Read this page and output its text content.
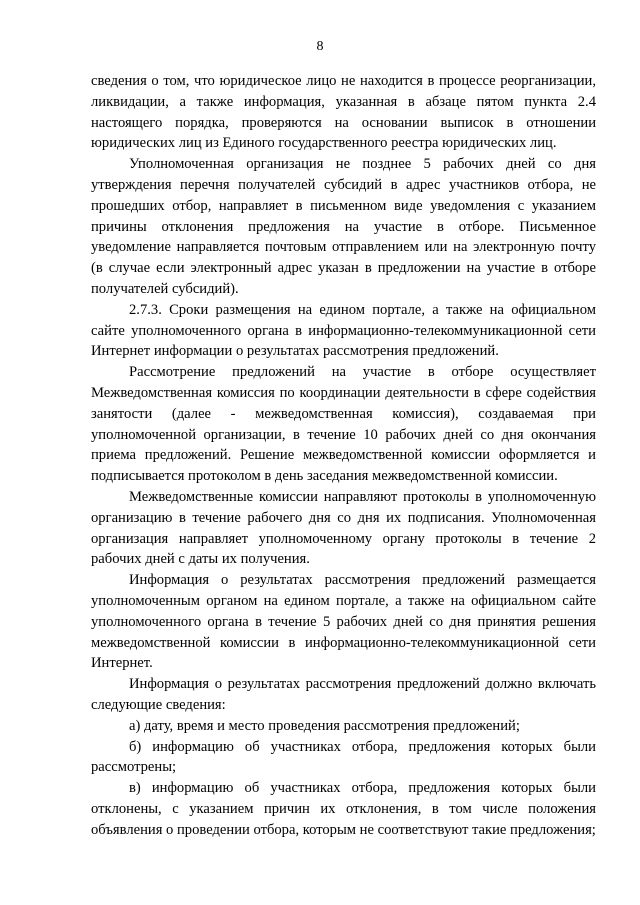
8

сведения о том, что юридическое лицо не находится в процессе реорганизации, ликвидации, а также информация, указанная в абзаце пятом пункта 2.4 настоящего порядка, проверяются на основании выписок в отношении юридических лиц из Единого государственного реестра юридических лиц.

Уполномоченная организация не позднее 5 рабочих дней со дня утверждения перечня получателей субсидий в адрес участников отбора, не прошедших отбор, направляет в письменном виде уведомления с указанием причины отклонения предложения на участие в отборе. Письменное уведомление направляется почтовым отправлением или на электронную почту (в случае если электронный адрес указан в предложении на участие в отборе получателей субсидий).

2.7.3. Сроки размещения на едином портале, а также на официальном сайте уполномоченного органа в информационно-телекоммуникационной сети Интернет информации о результатах рассмотрения предложений.

Рассмотрение предложений на участие в отборе осуществляет Межведомственная комиссия по координации деятельности в сфере содействия занятости (далее - межведомственная комиссия), создаваемая при уполномоченной организации, в течение 10 рабочих дней со дня окончания приема предложений. Решение межведомственной комиссии оформляется и подписывается протоколом в день заседания межведомственной комиссии.

Межведомственные комиссии направляют протоколы в уполномоченную организацию в течение рабочего дня со дня их подписания. Уполномоченная организация направляет уполномоченному органу протоколы в течение 2 рабочих дней с даты их получения.

Информация о результатах рассмотрения предложений размещается уполномоченным органом на едином портале, а также на официальном сайте уполномоченного органа в течение 5 рабочих дней со дня принятия решения межведомственной комиссии в информационно-телекоммуникационной сети Интернет.

Информация о результатах рассмотрения предложений должно включать следующие сведения:

а) дату, время и место проведения рассмотрения предложений;

б) информацию об участниках отбора, предложения которых были рассмотрены;

в) информацию об участниках отбора, предложения которых были отклонены, с указанием причин их отклонения, в том числе положения объявления о проведении отбора, которым не соответствуют такие предложения;
